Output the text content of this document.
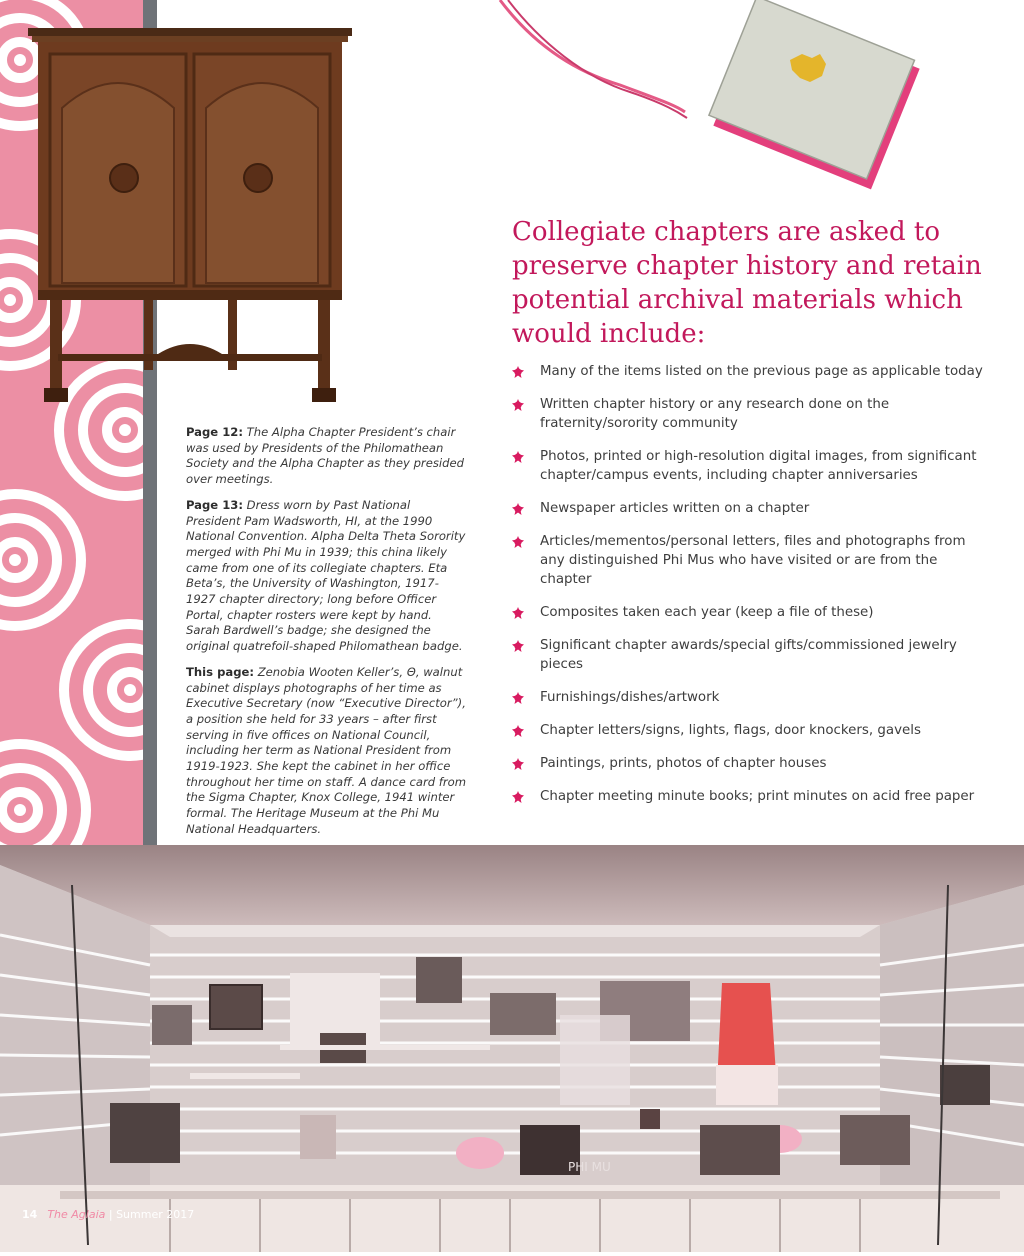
Page 12: The Alpha Chapter President’s chair was used by Presidents of the Philomathean Society and the Alpha Chapter as they presided over meetings.

Page 13: Dress worn by Past National President Pam Wadsworth, HI, at the 1990 National Convention. Alpha Delta Theta Sorority merged with Phi Mu in 1939; this china likely came from one of its collegiate chapters. Eta Beta’s, the University of Washington, 1917-1927 chapter directory; long before Officer Portal, chapter rosters were kept by hand. Sarah Bardwell’s badge; she designed the original quatrefoil-shaped Philomathean badge.

This page: Zenobia Wooten Keller’s, Θ, walnut cabinet displays photographs of her time as Executive Secretary (now “Executive Director”), a position she held for 33 years – after first serving in five offices on National Council, including her term as National President from 1919-1923. She kept the cabinet in her office throughout her time on staff. A dance card from the Sigma Chapter, Knox College, 1941 winter formal. The Heritage Museum at the Phi Mu National Headquarters.

Collegiate chapters are asked to preserve chapter history and retain potential archival materials which would include:
Many of the items listed on the previous page as applicable today
Written chapter history or any research done on the fraternity/sorority community
Photos, printed or high-resolution digital images, from significant chapter/campus events, including chapter anniversaries
Newspaper articles written on a chapter
Articles/mementos/personal letters, files and photographs from any distinguished Phi Mus who have visited or are from the chapter
Composites taken each year (keep a file of these)
Significant chapter awards/special gifts/commissioned jewelry pieces
Furnishings/dishes/artwork
Chapter letters/signs, lights, flags, door knockers, gavels
Paintings, prints, photos of chapter houses
Chapter meeting minute books; print minutes on acid free paper
PHI MU
14 The Aglaia | Summer 2017
